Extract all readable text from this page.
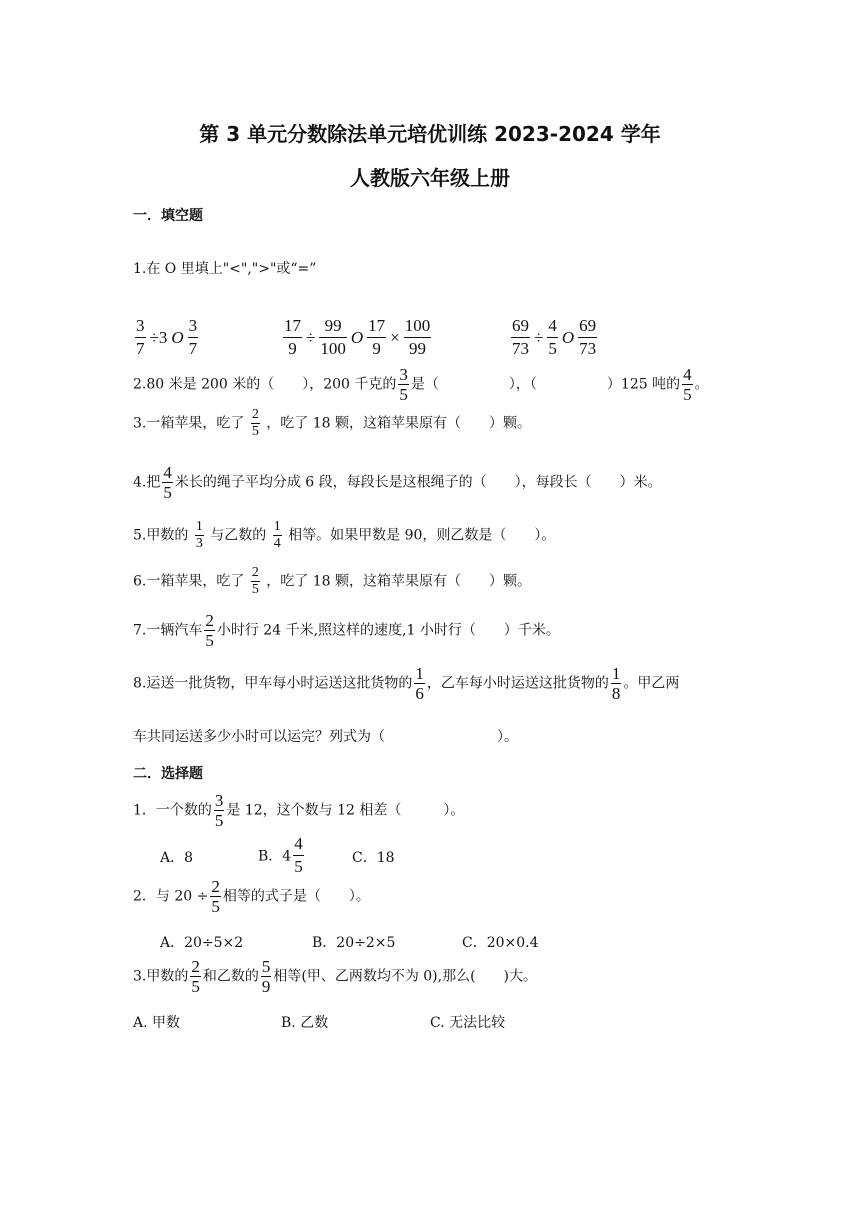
第 3 单元分数除法单元培优训练 2023-2024 学年
人教版六年级上册
一．填空题
1.在 O 里填上"<",">"或“=”
$\frac{3}{7} \div 3$ O $\frac{3}{7}$	$\frac{17}{9} \div \frac{99}{100}$ O $\frac{17}{9} \times \frac{100}{99}$	$\frac{69}{73} \div \frac{4}{5}$ O $\frac{69}{73}$
2.80 米是 200 米的（　　），200 千克的 $\frac{3}{5}$ 是（　　　　　），（　　　　　）125 吨的 $\frac{4}{5}$ 。
3.一箱苹果，吃了 $\frac{2}{5}$ ，吃了 18 颗，这箱苹果原有（　　）颗。
4.把 $\frac{4}{5}$ 米长的绳子平均分成 6 段，每段长是这根绳子的（　　），每段长（　　）米。
5.甲数的 $\frac{1}{3}$ 与乙数的 $\frac{1}{4}$ 相等。如果甲数是 90，则乙数是（　　）。
6.一箱苹果，吃了 $\frac{2}{5}$ ，吃了 18 颗，这箱苹果原有（　　）颗。
7.一辆汽车 $\frac{2}{5}$ 小时行 24 千米,照这样的速度,1 小时行（　　）千米。
8.运送一批货物，甲车每小时运送这批货物的 $\frac{1}{6}$ ，乙车每小时运送这批货物的 $\frac{1}{8}$ 。甲乙两
车共同运送多少小时可以运完？列式为（　　　　　　　　）。
二．选择题
1．一个数的 $\frac{3}{5}$ 是 12，这个数与 12 相差（　　　）。
A．8	B．$4 \frac{4}{5}$	C．18
2．与 $20 \div \frac{2}{5}$ 相等的式子是（　　）。
A．20÷5×2	B．20÷2×5	C．20×0.4
3.甲数的 $\frac{2}{5}$ 和乙数的 $\frac{5}{9}$ 相等(甲、乙两数均不为 0),那么(　　)大。
A. 甲数	B. 乙数	C. 无法比较
